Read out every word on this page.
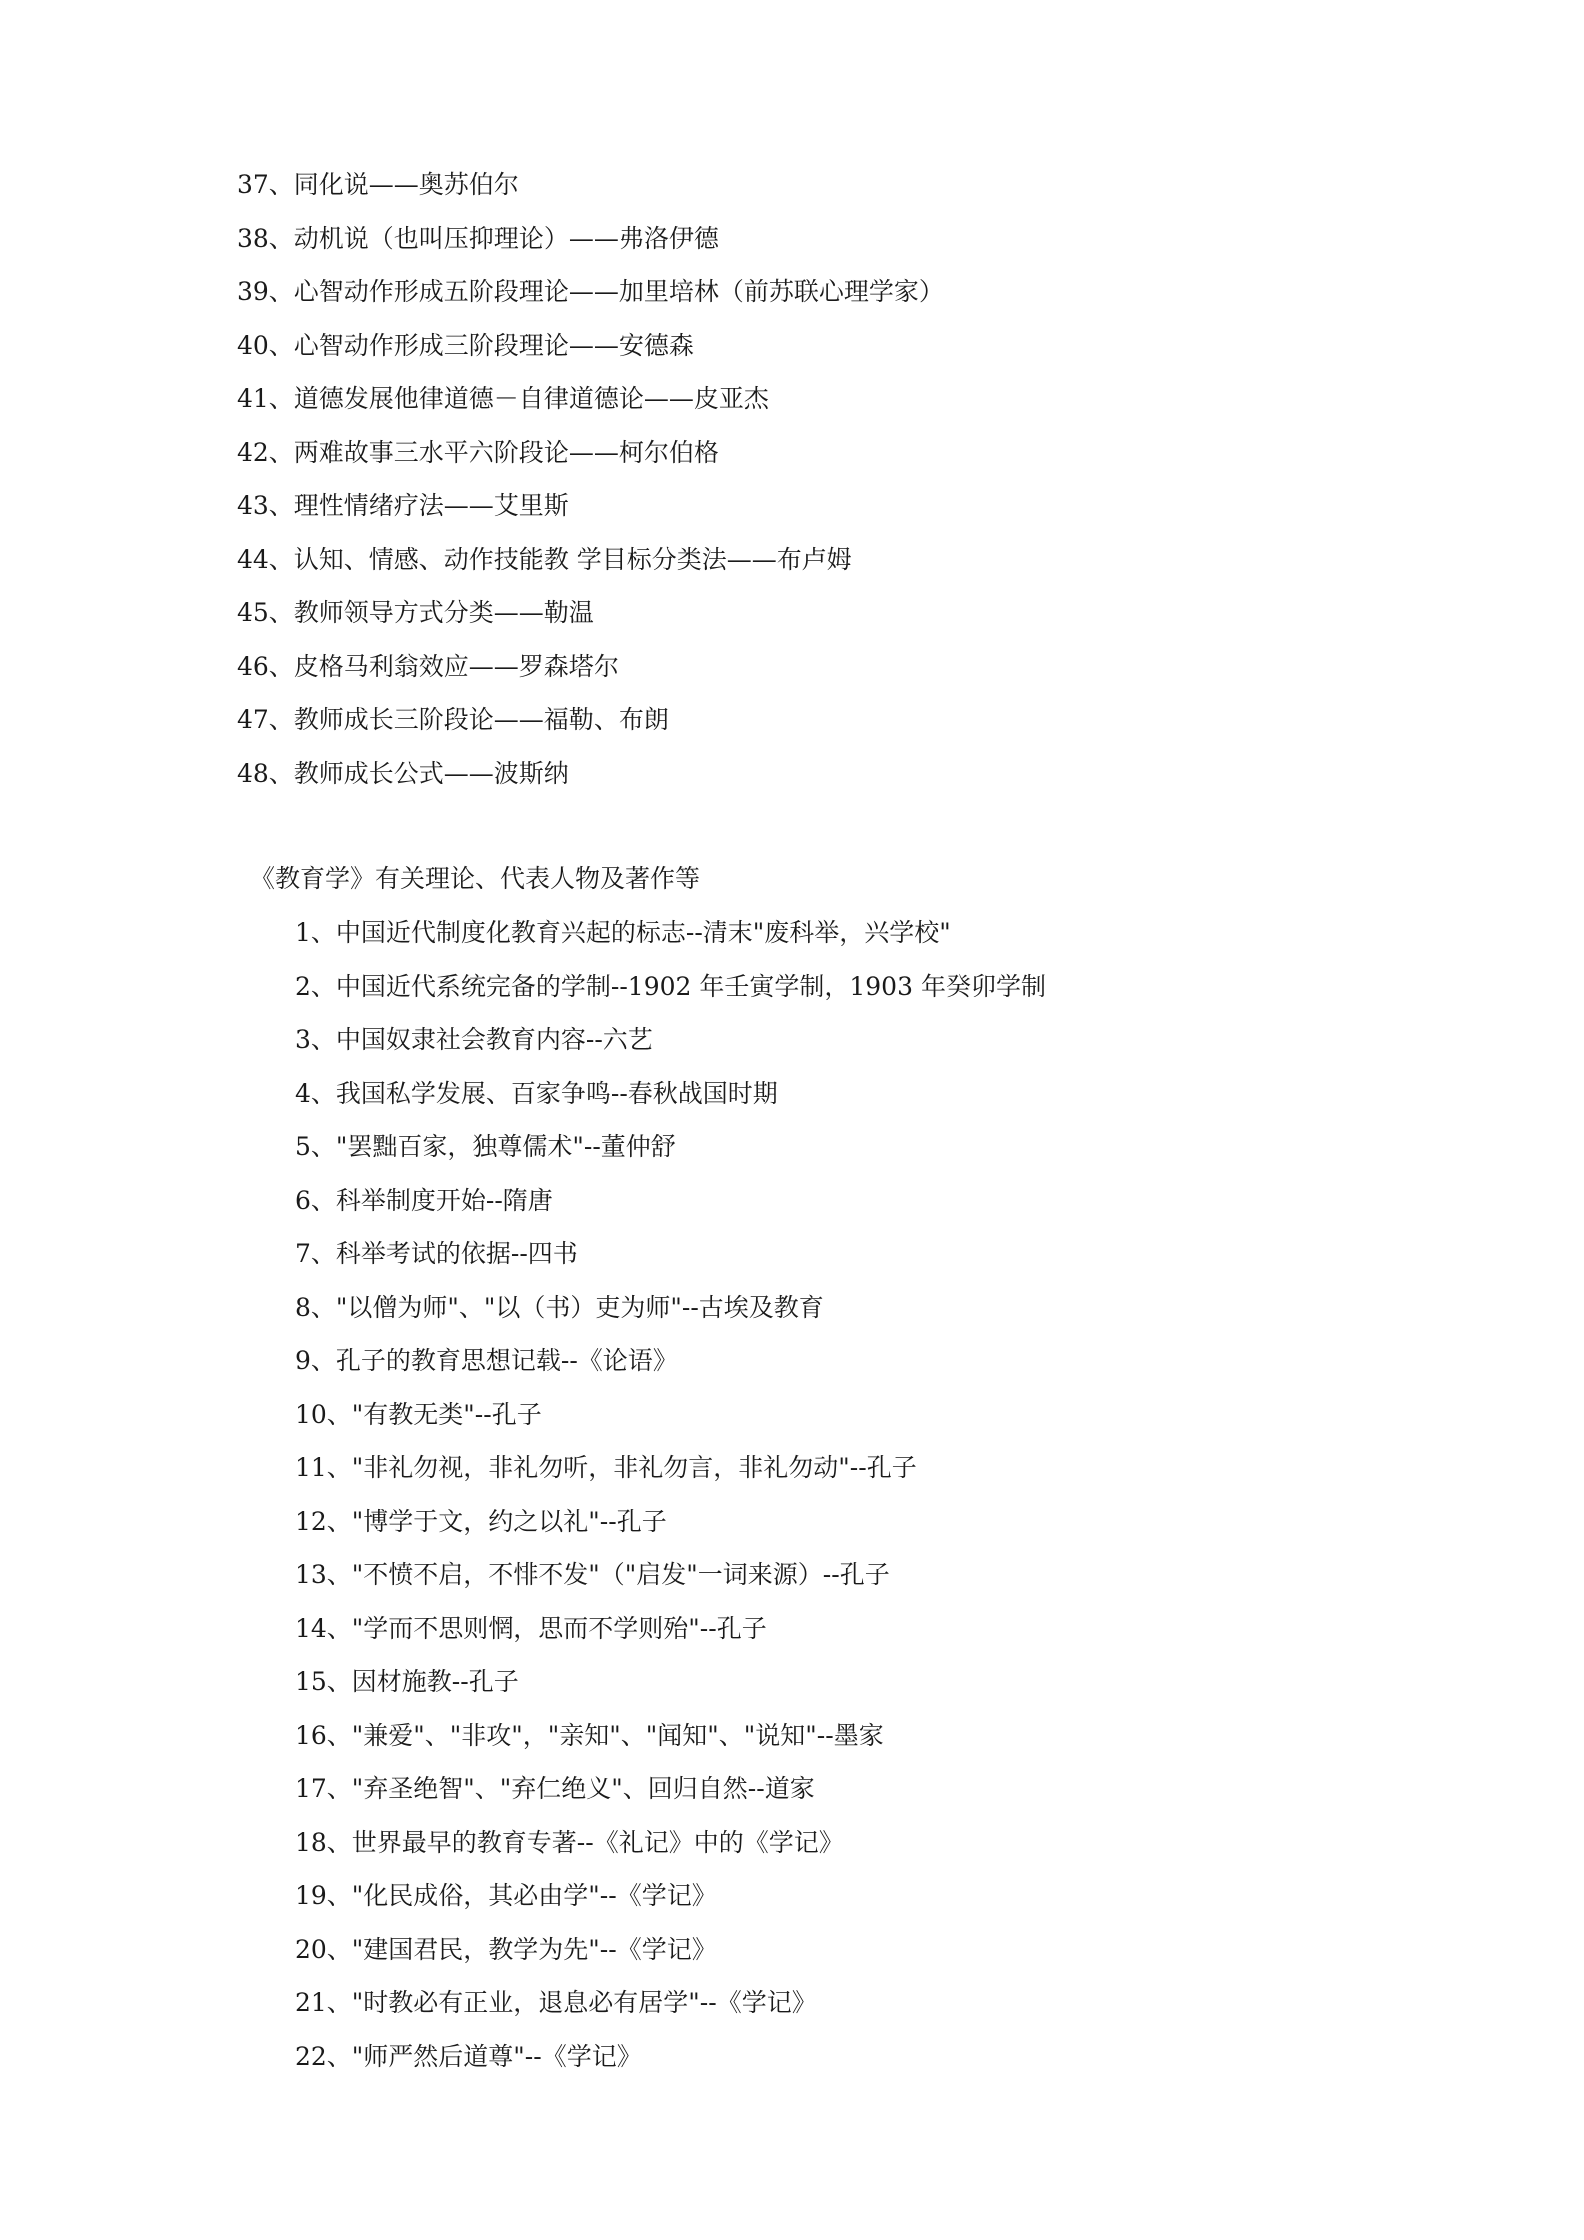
37、同化说——奥苏伯尔
38、动机说（也叫压抑理论）——弗洛伊德
39、心智动作形成五阶段理论——加里培林（前苏联心理学家）
40、心智动作形成三阶段理论——安德森
41、道德发展他律道德－自律道德论——皮亚杰
42、两难故事三水平六阶段论——柯尔伯格
43、理性情绪疗法——艾里斯
44、认知、情感、动作技能教 学目标分类法——布卢姆
45、教师领导方式分类——勒温
46、皮格马利翁效应——罗森塔尔
47、教师成长三阶段论——福勒、布朗
48、教师成长公式——波斯纳
《教育学》有关理论、代表人物及著作等
1、中国近代制度化教育兴起的标志--清末"废科举，兴学校"
2、中国近代系统完备的学制--1902 年壬寅学制，1903 年癸卯学制
3、中国奴隶社会教育内容--六艺
4、我国私学发展、百家争鸣--春秋战国时期
5、"罢黜百家，独尊儒术"--董仲舒
6、科举制度开始--隋唐
7、科举考试的依据--四书
8、"以僧为师"、"以（书）吏为师"--古埃及教育
9、孔子的教育思想记载--《论语》
10、"有教无类"--孔子
11、"非礼勿视，非礼勿听，非礼勿言，非礼勿动"--孔子
12、"博学于文，约之以礼"--孔子
13、"不愤不启，不悱不发"（"启发"一词来源）--孔子
14、"学而不思则惘，思而不学则殆"--孔子
15、因材施教--孔子
16、"兼爱"、"非攻"，"亲知"、"闻知"、"说知"--墨家
17、"弃圣绝智"、"弃仁绝义"、回归自然--道家
18、世界最早的教育专著--《礼记》中的《学记》
19、"化民成俗，其必由学"--《学记》
20、"建国君民，教学为先"--《学记》
21、"时教必有正业，退息必有居学"--《学记》
22、"师严然后道尊"--《学记》
